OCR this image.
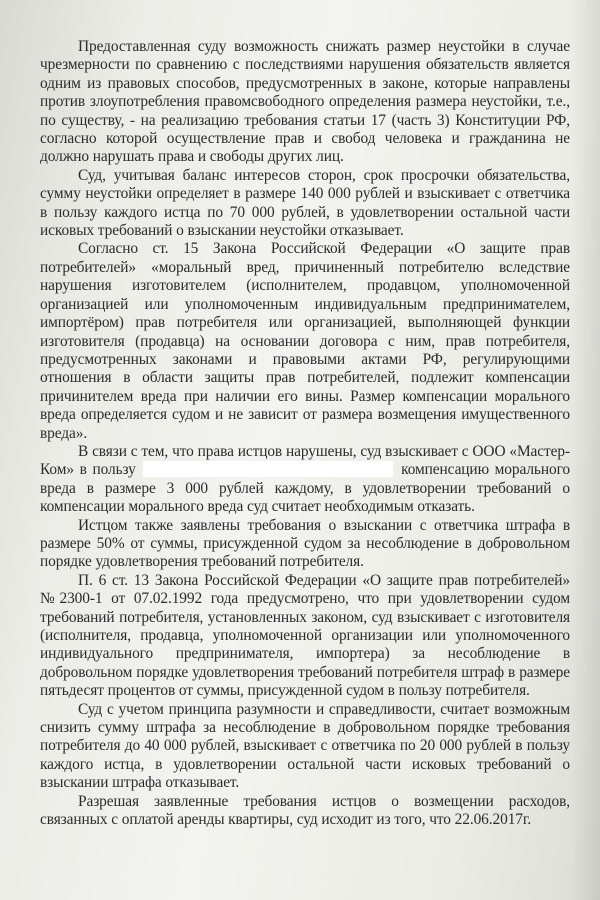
Предоставленная суду возможность снижать размер неустойки в случае чрезмерности по сравнению с последствиями нарушения обязательств является одним из правовых способов, предусмотренных в законе, которые направлены против злоупотребления правомсвободного определения размера неустойки, т.е., по существу, - на реализацию требования статьи 17 (часть 3) Конституции РФ, согласно которой осуществление прав и свобод человека и гражданина не должно нарушать права и свободы других лиц.

Суд, учитывая баланс интересов сторон, срок просрочки обязательства, сумму неустойки определяет в размере 140 000 рублей и взыскивает с ответчика в пользу каждого истца по 70 000 рублей, в удовлетворении остальной части исковых требований о взыскании неустойки отказывает.

Согласно ст. 15 Закона Российской Федерации «О защите прав потребителей» «моральный вред, причиненный потребителю вследствие нарушения изготовителем (исполнителем, продавцом, уполномоченной организацией или уполномоченным индивидуальным предпринимателем, импортёром) прав потребителя или организацией, выполняющей функции изготовителя (продавца) на основании договора с ним, прав потребителя, предусмотренных законами и правовыми актами РФ, регулирующими отношения в области защиты прав потребителей, подлежит компенсации причинителем вреда при наличии его вины. Размер компенсации морального вреда определяется судом и не зависит от размера возмещения имущественного вреда».

В связи с тем, что права истцов нарушены, суд взыскивает с ООО «Мастер-Ком» в пользу	компенсацию морального вреда в размере 3 000 рублей каждому, в удовлетворении требований о компенсации морального вреда суд считает необходимым отказать.

Истцом также заявлены требования о взыскании с ответчика штрафа в размере 50% от суммы, присужденной судом за несоблюдение в добровольном порядке удовлетворения требований потребителя.

П. 6 ст. 13 Закона Российской Федерации «О защите прав потребителей» №2300-1 от 07.02.1992 года предусмотрено, что при удовлетворении судом требований потребителя, установленных законом, суд взыскивает с изготовителя (исполнителя, продавца, уполномоченной организации или уполномоченного индивидуального предпринимателя, импортера) за несоблюдение в добровольном порядке удовлетворения требований потребителя штраф в размере пятьдесят процентов от суммы, присужденной судом в пользу потребителя.

Суд с учетом принципа разумности и справедливости, считает возможным снизить сумму штрафа за несоблюдение в добровольном порядке требования потребителя до 40 000 рублей, взыскивает с ответчика по 20 000 рублей в пользу каждого истца, в удовлетворении остальной части исковых требований о взыскании штрафа отказывает.

Разрешая заявленные требования истцов о возмещении расходов, связанных с оплатой аренды квартиры, суд исходит из того, что 22.06.2017г.
